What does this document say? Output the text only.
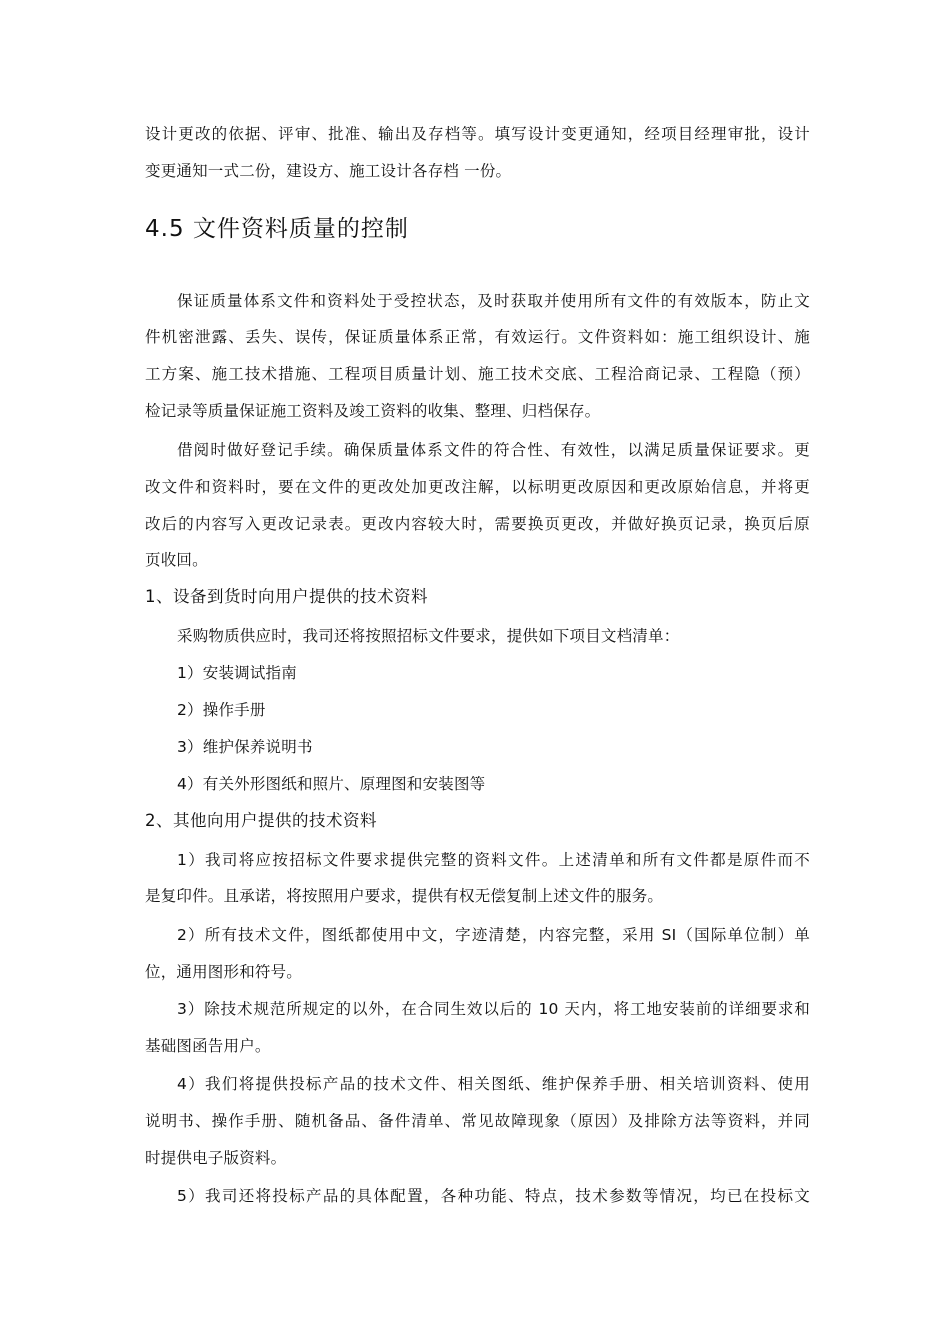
设计更改的依据、评审、批准、输出及存档等。填写设计变更通知，经项目经理审批，设计
变更通知一式二份，建设方、施工设计各存档 一份。
4.5 文件资料质量的控制
保证质量体系文件和资料处于受控状态，及时获取并使用所有文件的有效版本，防止文
件机密泄露、丢失、误传，保证质量体系正常，有效运行。文件资料如：施工组织设计、施
工方案、施工技术措施、工程项目质量计划、施工技术交底、工程洽商记录、工程隐（预）
检记录等质量保证施工资料及竣工资料的收集、整理、归档保存。
借阅时做好登记手续。确保质量体系文件的符合性、有效性，以满足质量保证要求。更
改文件和资料时，要在文件的更改处加更改注解，以标明更改原因和更改原始信息，并将更
改后的内容写入更改记录表。更改内容较大时，需要换页更改，并做好换页记录，换页后原
页收回。
1、设备到货时向用户提供的技术资料
采购物质供应时，我司还将按照招标文件要求，提供如下项目文档清单：
1）安装调试指南
2）操作手册
3）维护保养说明书
4）有关外形图纸和照片、原理图和安装图等
2、其他向用户提供的技术资料
1）我司将应按招标文件要求提供完整的资料文件。上述清单和所有文件都是原件而不
是复印件。且承诺，将按照用户要求，提供有权无偿复制上述文件的服务。
2）所有技术文件，图纸都使用中文，字迹清楚，内容完整，采用 SI（国际单位制）单
位，通用图形和符号。
3）除技术规范所规定的以外，在合同生效以后的 10 天内，将工地安装前的详细要求和
基础图函告用户。
4）我们将提供投标产品的技术文件、相关图纸、维护保养手册、相关培训资料、使用
说明书、操作手册、随机备品、备件清单、常见故障现象（原因）及排除方法等资料，并同
时提供电子版资料。
5）我司还将投标产品的具体配置，各种功能、特点，技术参数等情况，均已在投标文
